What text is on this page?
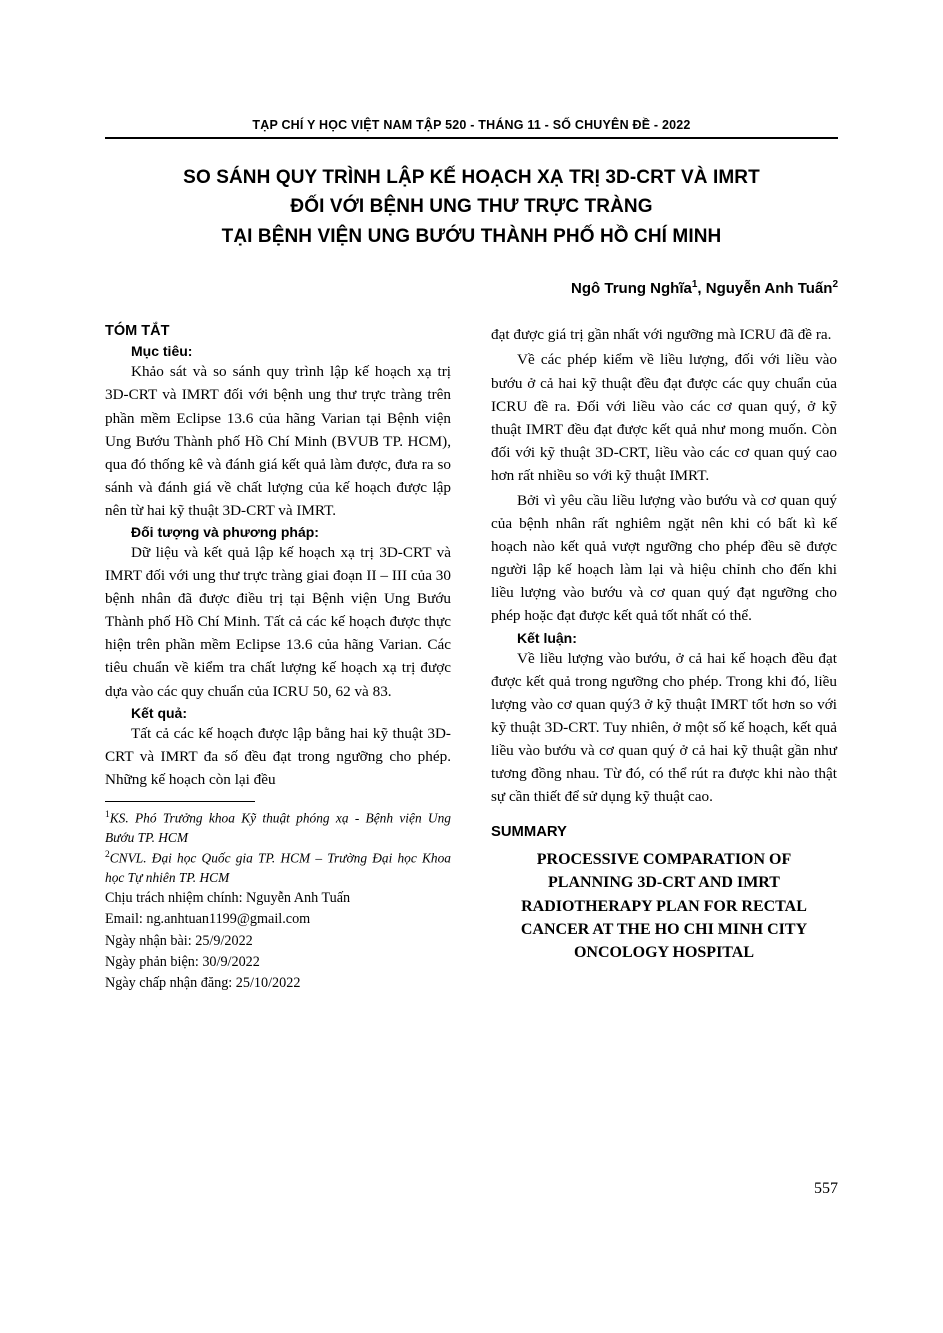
TẠP CHÍ Y HỌC VIỆT NAM TẬP 520 - THÁNG 11 - SỐ CHUYÊN ĐỀ - 2022
SO SÁNH QUY TRÌNH LẬP KẾ HOẠCH XẠ TRỊ 3D-CRT VÀ IMRT
ĐỐI VỚI BỆNH UNG THƯ TRỰC TRÀNG
TẠI BỆNH VIỆN UNG BƯỚU THÀNH PHỐ HỒ CHÍ MINH
Ngô Trung Nghĩa$^1$, Nguyễn Anh Tuấn$^2$
TÓM TẮT
Mục tiêu:

Khảo sát và so sánh quy trình lập kế hoạch xạ trị 3D-CRT và IMRT đối với bệnh ung thư trực tràng trên phần mềm Eclipse 13.6 của hãng Varian tại Bệnh viện Ung Bướu Thành phố Hồ Chí Minh (BVUB TP. HCM), qua đó thống kê và đánh giá kết quả làm được, đưa ra so sánh và đánh giá về chất lượng của kế hoạch được lập nên từ hai kỹ thuật 3D-CRT và IMRT.

Đối tượng và phương pháp:

Dữ liệu và kết quả lập kế hoạch xạ trị 3D-CRT và IMRT đối với ung thư trực tràng giai đoạn II – III của 30 bệnh nhân đã được điều trị tại Bệnh viện Ung Bướu Thành phố Hồ Chí Minh. Tất cả các kế hoạch được thực hiện trên phần mềm Eclipse 13.6 của hãng Varian. Các tiêu chuẩn về kiểm tra chất lượng kế hoạch xạ trị được dựa vào các quy chuẩn của ICRU 50, 62 và 83.

Kết quả:

Tất cả các kế hoạch được lập bằng hai kỹ thuật 3D-CRT và IMRT đa số đều đạt trong ngưỡng cho phép. Những kế hoạch còn lại đều

$^1$KS. Phó Trưởng khoa Kỹ thuật phóng xạ - Bệnh viện Ung Bướu TP. HCM

$^2$CNVL. Đại học Quốc gia TP. HCM – Trường Đại học Khoa học Tự nhiên TP. HCM

Chịu trách nhiệm chính: Nguyễn Anh Tuấn

Email: ng.anhtuan1199@gmail.com

Ngày nhận bài: 25/9/2022

Ngày phản biện: 30/9/2022

Ngày chấp nhận đăng: 25/10/2022

đạt được giá trị gần nhất với ngưỡng mà ICRU đã đề ra.

Về các phép kiểm về liều lượng, đối với liều vào bướu ở cả hai kỹ thuật đều đạt được các quy chuẩn của ICRU đề ra. Đối với liều vào các cơ quan quý, ở kỹ thuật IMRT đều đạt được kết quả như mong muốn. Còn đối với kỹ thuật 3D-CRT, liều vào các cơ quan quý cao hơn rất nhiều so với kỹ thuật IMRT.

Bởi vì yêu cầu liều lượng vào bướu và cơ quan quý của bệnh nhân rất nghiêm ngặt nên khi có bất kì kế hoạch nào kết quả vượt ngưỡng cho phép đều sẽ được người lập kế hoạch làm lại và hiệu chỉnh cho đến khi liều lượng vào bướu và cơ quan quý đạt ngưỡng cho phép hoặc đạt được kết quả tốt nhất có thể.

Kết luận:

Về liều lượng vào bướu, ở cả hai kế hoạch đều đạt được kết quả trong ngưỡng cho phép. Trong khi đó, liều lượng vào cơ quan quý3 ở kỹ thuật IMRT tốt hơn so với kỹ thuật 3D-CRT. Tuy nhiên, ở một số kế hoạch, kết quả liều vào bướu và cơ quan quý ở cả hai kỹ thuật gần như tương đồng nhau. Từ đó, có thể rút ra được khi nào thật sự cần thiết để sử dụng kỹ thuật cao.

SUMMARY
PROCESSIVE COMPARATION OF
PLANNING 3D-CRT AND IMRT
RADIOTHERAPY PLAN FOR RECTAL
CANCER AT THE HO CHI MINH CITY
ONCOLOGY HOSPITAL
557
